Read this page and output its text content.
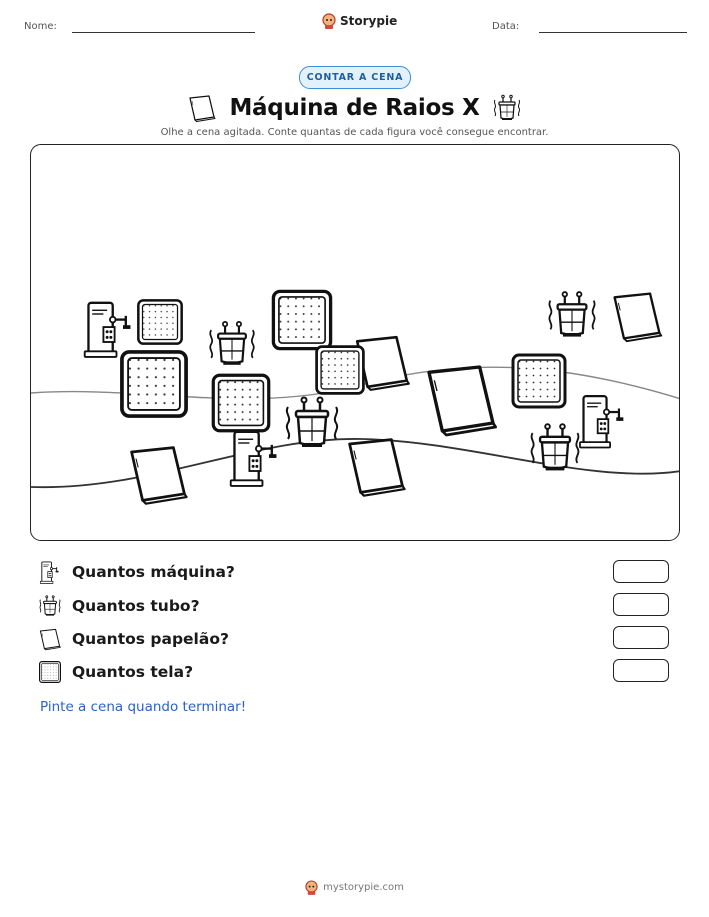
Nome:	Data:
Storypie
CONTAR A CENA
Máquina de Raios X
Olhe a cena agitada. Conte quantas de cada figura você consegue encontrar.
Quantos máquina?
Quantos tubo?
Quantos papelão?
Quantos tela?
Pinte a cena quando terminar!
mystorypie.com
